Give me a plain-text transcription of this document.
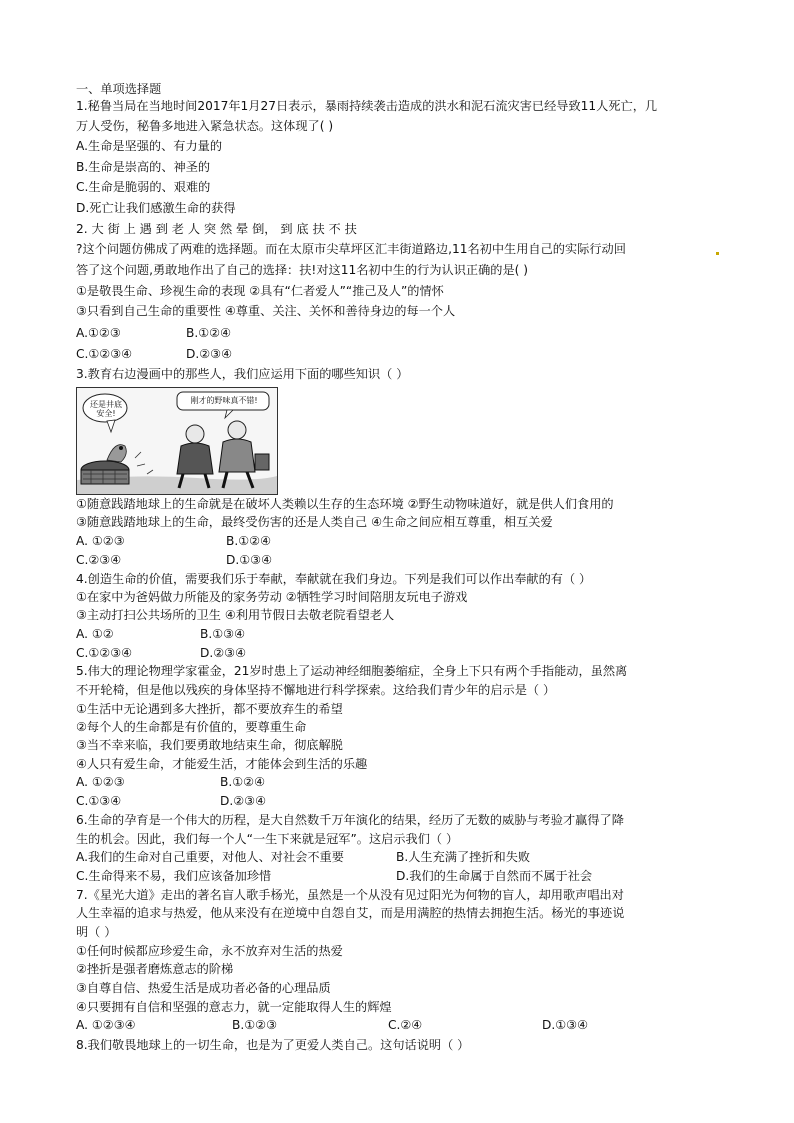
一、单项选择题
1.秘鲁当局在当地时间2017年1月27日表示，暴雨持续袭击造成的洪水和泥石流灾害已经导致11人死亡，几
万人受伤，秘鲁多地进入紧急状态。这体现了( )
A.生命是坚强的、有力量的
B.生命是崇高的、神圣的
C.生命是脆弱的、艰难的
D.死亡让我们感激生命的获得
2. 大 街 上 遇 到 老 人 突 然 晕 倒， 到 底 扶 不 扶
?这个问题仿佛成了两难的选择题。而在太原市尖草坪区汇丰街道路边,11名初中生用自己的实际行动回
答了这个问题,勇敢地作出了自己的选择：扶!对这11名初中生的行为认识正确的是( )
①是敬畏生命、珍视生命的表现 ②具有“仁者爱人”“推己及人”的情怀
③只看到自己生命的重要性 ④尊重、关注、关怀和善待身边的每一个人
A.①②③	B.①②④
C.①②③④	D.②③④
3.教育右边漫画中的那些人，我们应运用下面的哪些知识（ ）
还是井底安全!
刚才的野味真不错!
①随意践踏地球上的生命就是在破坏人类赖以生存的生态环境 ②野生动物味道好，就是供人们食用的
③随意践踏地球上的生命，最终受伤害的还是人类自己 ④生命之间应相互尊重，相互关爱
A. ①②③	B.①②④
C.②③④	D.①③④
4.创造生命的价值，需要我们乐于奉献，奉献就在我们身边。下列是我们可以作出奉献的有（ ）
①在家中为爸妈做力所能及的家务劳动 ②牺牲学习时间陪朋友玩电子游戏
③主动打扫公共场所的卫生 ④利用节假日去敬老院看望老人
A. ①②	B.①③④
C.①②③④	D.②③④
5.伟大的理论物理学家霍金，21岁时患上了运动神经细胞萎缩症，全身上下只有两个手指能动，虽然离
不开轮椅，但是他以残疾的身体坚持不懈地进行科学探索。这给我们青少年的启示是（ ）
①生活中无论遇到多大挫折，都不要放弃生的希望
②每个人的生命都是有价值的，要尊重生命
③当不幸来临，我们要勇敢地结束生命，彻底解脱
④人只有爱生命，才能爱生活，才能体会到生活的乐趣
A. ①②③	B.①②④
C.①③④	D.②③④
6.生命的孕育是一个伟大的历程，是大自然数千万年演化的结果，经历了无数的威胁与考验才赢得了降
生的机会。因此，我们每一个人“一生下来就是冠军”。这启示我们（ ）
A.我们的生命对自己重要，对他人、对社会不重要	B.人生充满了挫折和失败
C.生命得来不易，我们应该备加珍惜	D.我们的生命属于自然而不属于社会
7.《星光大道》走出的著名盲人歌手杨光，虽然是一个从没有见过阳光为何物的盲人，却用歌声唱出对
人生幸福的追求与热爱，他从来没有在逆境中自怨自艾，而是用满腔的热情去拥抱生活。杨光的事迹说
明（ ）
①任何时候都应珍爱生命，永不放弃对生活的热爱
②挫折是强者磨炼意志的阶梯
③自尊自信、热爱生活是成功者必备的心理品质
④只要拥有自信和坚强的意志力，就一定能取得人生的辉煌
A. ①②③④	B.①②③	C.②④	D.①③④
8.我们敬畏地球上的一切生命，也是为了更爱人类自己。这句话说明（ ）
